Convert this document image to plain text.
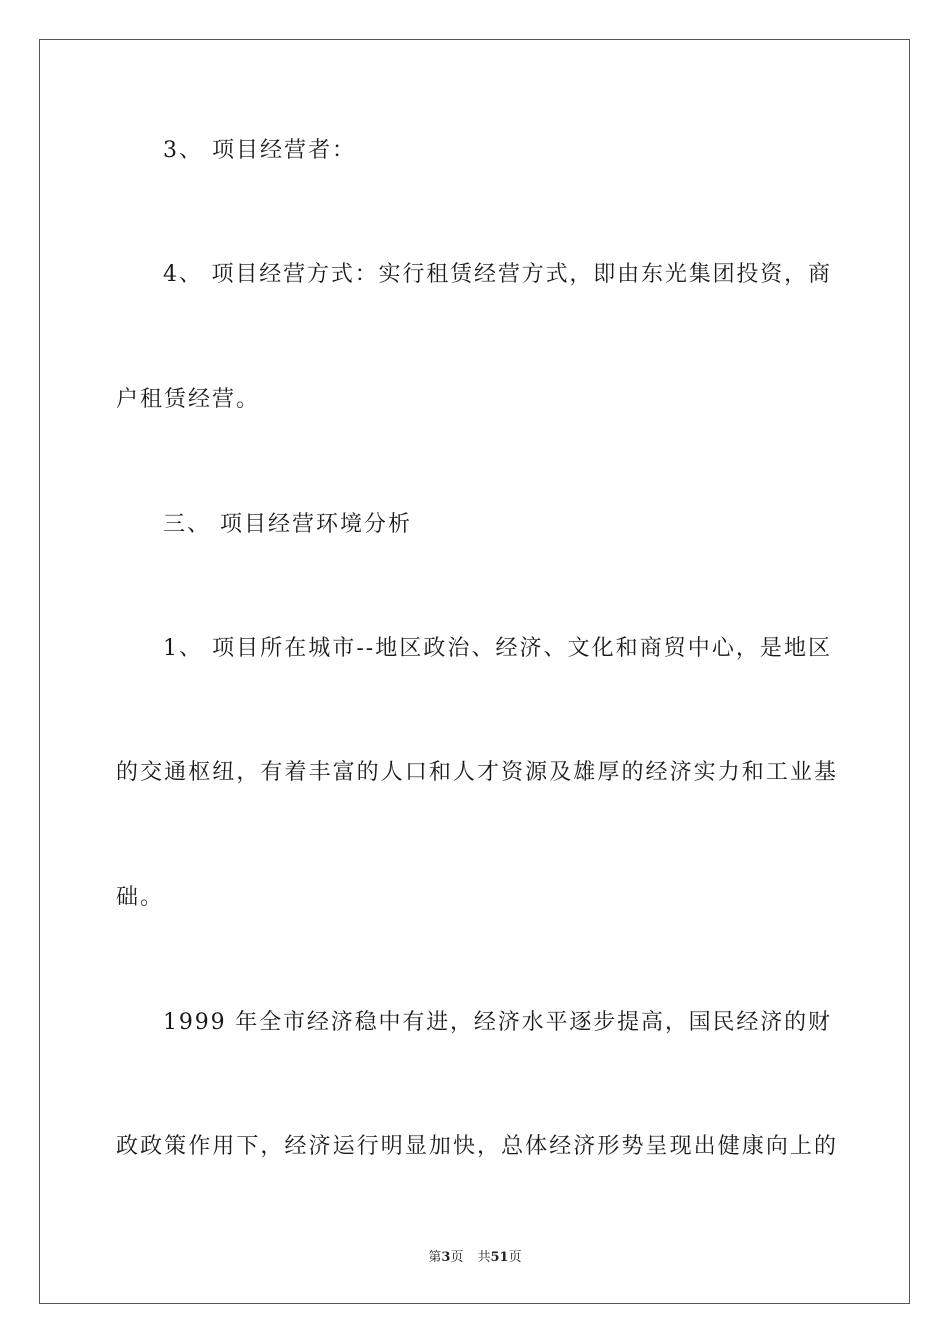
3、 项目经营者：
4、 项目经营方式：实行租赁经营方式，即由东光集团投资，商
户租赁经营。
三、 项目经营环境分析
1、 项目所在城市--地区政治、经济、文化和商贸中心，是地区
的交通枢纽，有着丰富的人口和人才资源及雄厚的经济实力和工业基
础。
1999 年全市经济稳中有进，经济水平逐步提高，国民经济的财
政政策作用下，经济运行明显加快，总体经济形势呈现出健康向上的
第3页 共51页
